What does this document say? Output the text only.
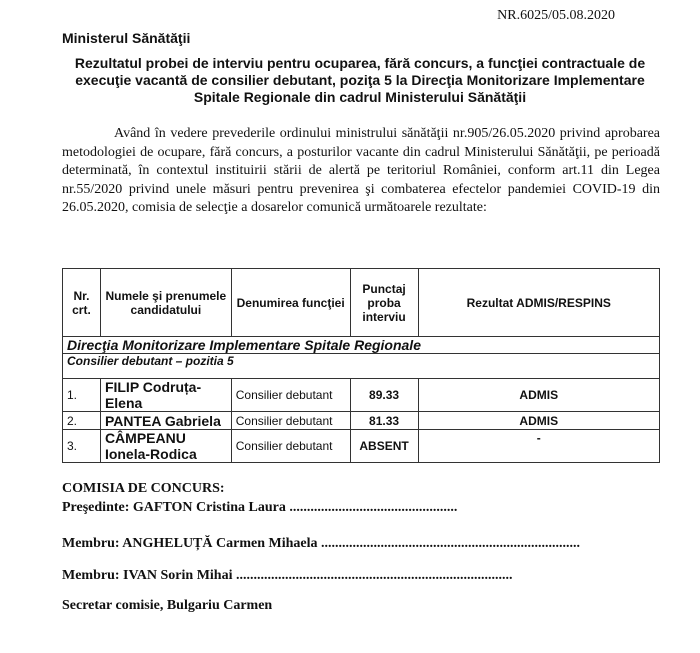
NR.6025/05.08.2020
Ministerul Sănătăţii
Rezultatul probei de interviu pentru ocuparea, fără concurs, a funcţiei contractuale de execuţie vacantă de consilier debutant, poziţa 5 la Direcţia Monitorizare Implementare Spitale Regionale din cadrul Ministerului Sănătăţii
Având în vedere prevederile ordinului ministrului sănătăţii nr.905/26.05.2020 privind aprobarea metodologiei de ocupare, fără concurs, a posturilor vacante din cadrul Ministerului Sănătăţii, pe perioadă determinată, în contextul instituirii stării de alertă pe teritoriul României, conform art.11 din Legea nr.55/2020 privind unele măsuri pentru prevenirea şi combaterea efectelor pandemiei COVID-19 din 26.05.2020, comisia de selecţie a dosarelor comunică următoarele rezultate:
Nr. crt.	Numele şi prenumele candidatului	Denumirea funcţiei	Punctaj proba interviu	Rezultat ADMIS/RESPINS
Direcţia Monitorizare Implementare Spitale Regionale				
Consilier debutant – pozitia 5				
1.	FILIP Codruța-Elena	Consilier debutant	89.33	ADMIS
2.	PANTEA Gabriela	Consilier debutant	81.33	ADMIS
3.	CÂMPEANU Ionela-Rodica	Consilier debutant	ABSENT	-
COMISIA DE CONCURS:
Preşedinte: GAFTON Cristina Laura ................................................
Membru: ANGHELUȚĂ Carmen Mihaela ..........................................................................
Membru: IVAN Sorin Mihai ...............................................................................
Secretar comisie, Bulgariu Carmen
